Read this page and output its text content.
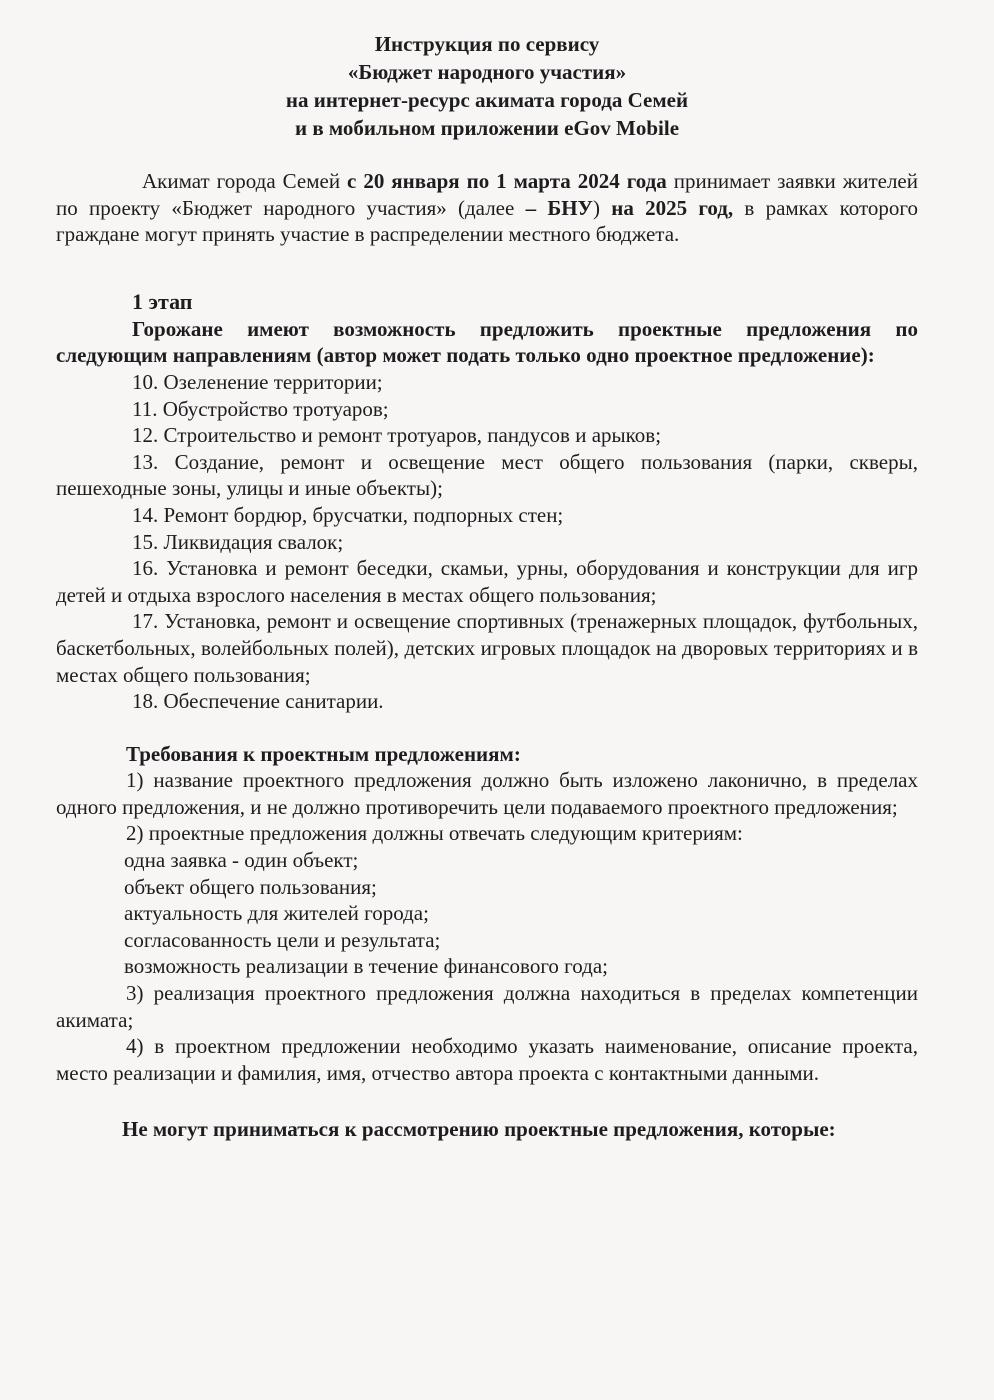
Инструкция по сервису
«Бюджет народного участия»
на интернет-ресурс акимата города Семей
и в мобильном приложении eGov Mobile

Акимат города Семей с 20 января по 1 марта 2024 года принимает заявки жителей по проекту «Бюджет народного участия» (далее – БНУ) на 2025 год, в рамках которого граждане могут принять участие в распределении местного бюджета.

1 этап

Горожане имеют возможность предложить проектные предложения по следующим направлениям (автор может подать только одно проектное предложение):

10. Озеленение территории;

11. Обустройство тротуаров;

12. Строительство и ремонт тротуаров, пандусов и арыков;

13. Создание, ремонт и освещение мест общего пользования (парки, скверы, пешеходные зоны, улицы и иные объекты);

14. Ремонт бордюр, брусчатки, подпорных стен;

15. Ликвидация свалок;

16. Установка и ремонт беседки, скамьи, урны, оборудования и конструкции для игр детей и отдыха взрослого населения в местах общего пользования;

17. Установка, ремонт и освещение спортивных (тренажерных площадок, футбольных, баскетбольных, волейбольных полей), детских игровых площадок на дворовых территориях и в местах общего пользования;

18. Обеспечение санитарии.

Требования к проектным предложениям:

1) название проектного предложения должно быть изложено лаконично, в пределах одного предложения, и не должно противоречить цели подаваемого проектного предложения;

2) проектные предложения должны отвечать следующим критериям:

одна заявка - один объект;

объект общего пользования;

актуальность для жителей города;

согласованность цели и результата;

возможность реализации в течение финансового года;

3) реализация проектного предложения должна находиться в пределах компетенции акимата;

4) в проектном предложении необходимо указать наименование, описание проекта, место реализации и фамилия, имя, отчество автора проекта с контактными данными.

Не могут приниматься к рассмотрению проектные предложения, которые:
